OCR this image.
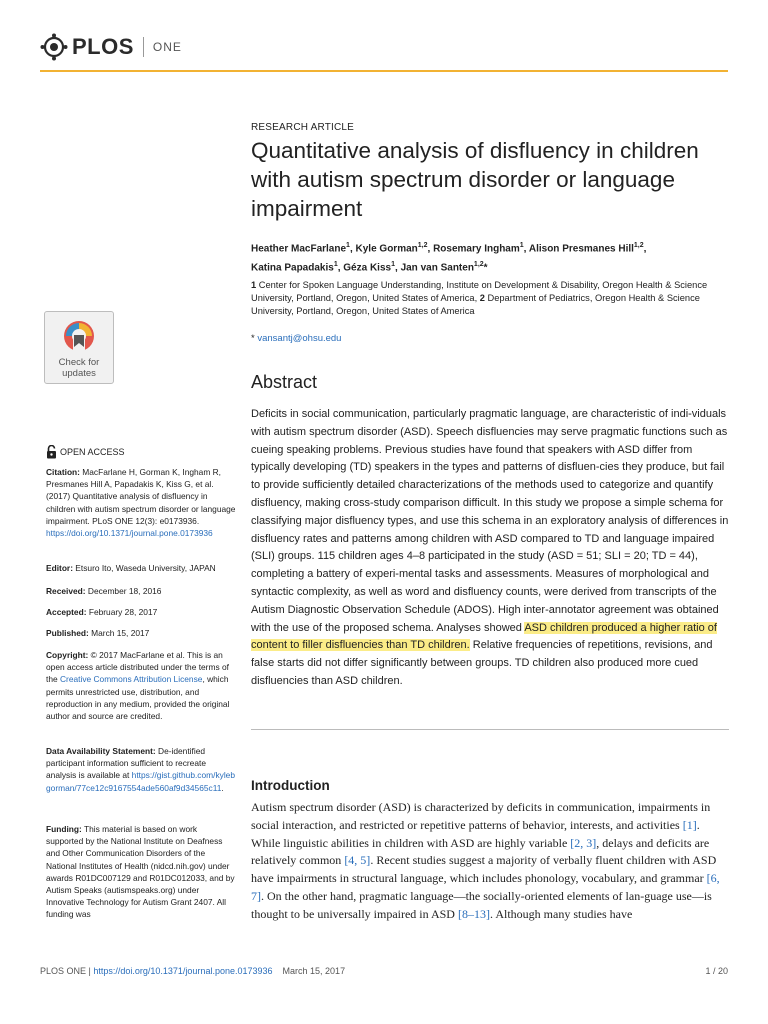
PLOS ONE
RESEARCH ARTICLE
Quantitative analysis of disfluency in children with autism spectrum disorder or language impairment
Heather MacFarlane$^1$, Kyle Gorman$^{1,2}$, Rosemary Ingham$^1$, Alison Presmanes Hill$^{1,2}$,
Katina Papadakis$^1$, Géza Kiss$^1$, Jan van Santen$^{1,2}$*
1 Center for Spoken Language Understanding, Institute on Development & Disability, Oregon Health & Science University, Portland, Oregon, United States of America, 2 Department of Pediatrics, Oregon Health & Science University, Portland, Oregon, United States of America
* vansantj@ohsu.edu
Check for
updates
OPEN ACCESS
Citation: MacFarlane H, Gorman K, Ingham R, Presmanes Hill A, Papadakis K, Kiss G, et al. (2017) Quantitative analysis of disfluency in children with autism spectrum disorder or language impairment. PLoS ONE 12(3): e0173936. https://doi.org/10.1371/journal.pone.0173936
Editor: Etsuro Ito, Waseda University, JAPAN
Received: December 18, 2016
Accepted: February 28, 2017
Published: March 15, 2017
Copyright: © 2017 MacFarlane et al. This is an open access article distributed under the terms of the Creative Commons Attribution License, which permits unrestricted use, distribution, and reproduction in any medium, provided the original author and source are credited.
Data Availability Statement: De-identified participant information sufficient to recreate analysis is available at https://gist.github.com/kylebgorman/77ce12c9167554ade560af9d34565c11.
Funding: This material is based on work supported by the National Institute on Deafness and Other Communication Disorders of the National Institutes of Health (nidcd.nih.gov) under awards R01DC007129 and R01DC012033, and by Autism Speaks (autismspeaks.org) under Innovative Technology for Autism Grant 2407. All funding was
Abstract
Deficits in social communication, particularly pragmatic language, are characteristic of indi-viduals with autism spectrum disorder (ASD). Speech disfluencies may serve pragmatic functions such as cueing speaking problems. Previous studies have found that speakers with ASD differ from typically developing (TD) speakers in the types and patterns of disfluen-cies they produce, but fail to provide sufficiently detailed characterizations of the methods used to categorize and quantify disfluency, making cross-study comparison difficult. In this study we propose a simple schema for classifying major disfluency types, and use this schema in an exploratory analysis of differences in disfluency rates and patterns among children with ASD compared to TD and language impaired (SLI) groups. 115 children ages 4–8 participated in the study (ASD = 51; SLI = 20; TD = 44), completing a battery of experi-mental tasks and assessments. Measures of morphological and syntactic complexity, as well as word and disfluency counts, were derived from transcripts of the Autism Diagnostic Observation Schedule (ADOS). High inter-annotator agreement was obtained with the use of the proposed schema. Analyses showed ASD children produced a higher ratio of content to filler disfluencies than TD children. Relative frequencies of repetitions, revisions, and false starts did not differ significantly between groups. TD children also produced more cued disfluencies than ASD children.
Introduction
Autism spectrum disorder (ASD) is characterized by deficits in communication, impairments in social interaction, and restricted or repetitive patterns of behavior, interests, and activities [1]. While linguistic abilities in children with ASD are highly variable [2, 3], delays and deficits are relatively common [4, 5]. Recent studies suggest a majority of verbally fluent children with ASD have impairments in structural language, which includes phonology, vocabulary, and grammar [6, 7]. On the other hand, pragmatic language—the socially-oriented elements of lan-guage use—is thought to be universally impaired in ASD [8–13]. Although many studies have
PLOS ONE | https://doi.org/10.1371/journal.pone.0173936 March 15, 2017	1 / 20
